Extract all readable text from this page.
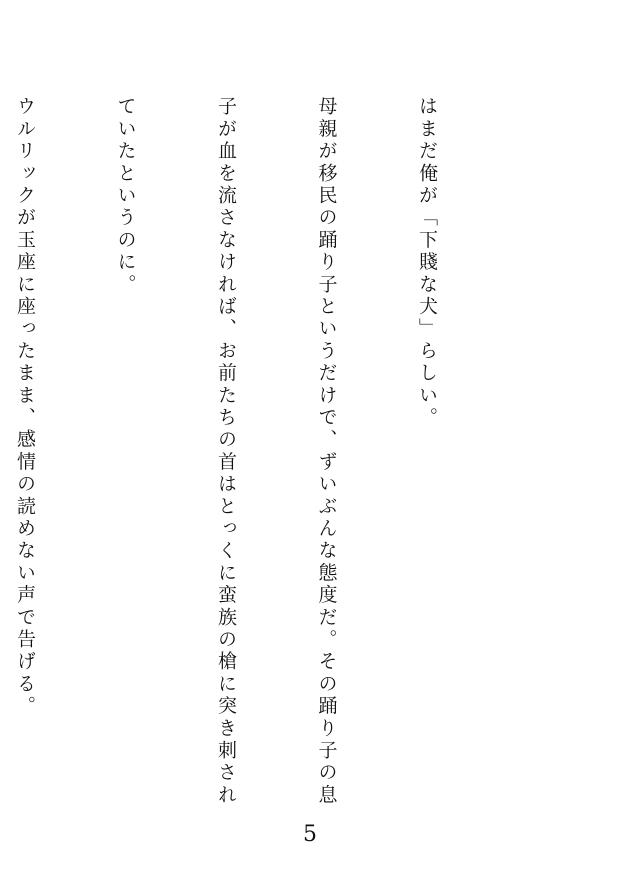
はまだ俺が「下賤な犬」らしい。

母親が移民の踊り子というだけで、ずいぶんな態度だ。その踊り子の息

子が血を流さなければ、お前たちの首はとっくに蛮族の槍に突き刺され

ていたというのに。

ウルリックが玉座に座ったまま、感情の読めない声で告げる。

5
